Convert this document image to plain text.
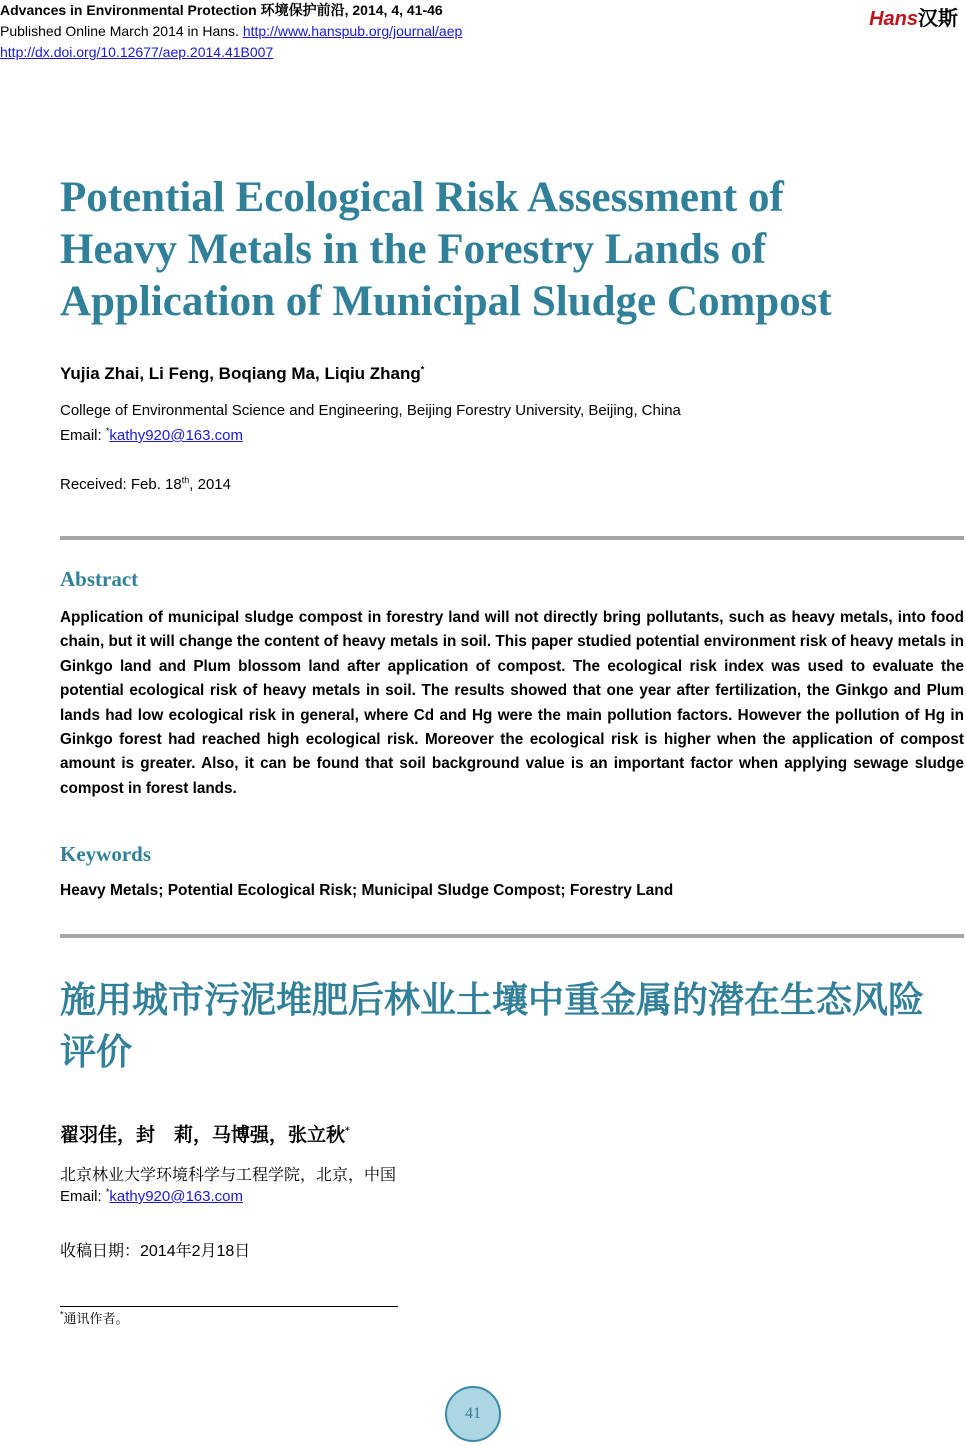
Advances in Environmental Protection 环境保护前沿, 2014, 4, 41-46
Published Online March 2014 in Hans. http://www.hanspub.org/journal/aep
http://dx.doi.org/10.12677/aep.2014.41B007
Hans汉斯
Potential Ecological Risk Assessment of
Heavy Metals in the Forestry Lands of
Application of Municipal Sludge Compost
Yujia Zhai, Li Feng, Boqiang Ma, Liqiu Zhang*
College of Environmental Science and Engineering, Beijing Forestry University, Beijing, China
Email: *kathy920@163.com
Received: Feb. 18th, 2014
Abstract
Application of municipal sludge compost in forestry land will not directly bring pollutants, such as heavy metals, into food chain, but it will change the content of heavy metals in soil. This paper studied potential environment risk of heavy metals in Ginkgo land and Plum blossom land after application of compost. The ecological risk index was used to evaluate the potential ecological risk of heavy metals in soil. The results showed that one year after fertilization, the Ginkgo and Plum lands had low ecological risk in general, where Cd and Hg were the main pollution factors. However the pollution of Hg in Ginkgo forest had reached high ecological risk. Moreover the ecological risk is higher when the application of compost amount is greater. Also, it can be found that soil background value is an important factor when applying sewage sludge compost in forest lands.
Keywords
Heavy Metals; Potential Ecological Risk; Municipal Sludge Compost; Forestry Land
施用城市污泥堆肥后林业土壤中重金属的潜在生态风险评价
翟羽佳，封　莉，马博强，张立秋*
北京林业大学环境科学与工程学院，北京，中国
Email: *kathy920@163.com
收稿日期：2014年2月18日
*通讯作者。
41
